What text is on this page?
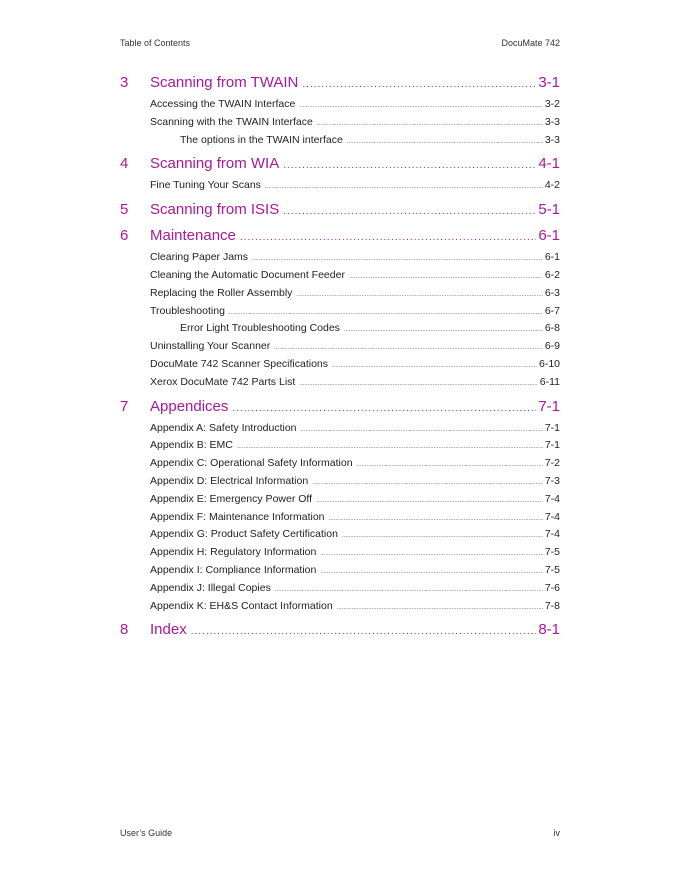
Table of Contents	DocuMate 742
3	Scanning from TWAIN .....	3-1
Accessing the TWAIN Interface .....	3-2
Scanning with the TWAIN Interface .....	3-3
The options in the TWAIN interface .....	3-3
4	Scanning from WIA .....	4-1
Fine Tuning Your Scans .....	4-2
5	Scanning from ISIS .....	5-1
6	Maintenance .....	6-1
Clearing Paper Jams .....	6-1
Cleaning the Automatic Document Feeder .....	6-2
Replacing the Roller Assembly .....	6-3
Troubleshooting .....	6-7
Error Light Troubleshooting Codes .....	6-8
Uninstalling Your Scanner .....	6-9
DocuMate 742 Scanner Specifications .....	6-10
Xerox DocuMate 742 Parts List .....	6-11
7	Appendices .....	7-1
Appendix A: Safety Introduction .....	7-1
Appendix B: EMC .....	7-1
Appendix C: Operational Safety Information .....	7-2
Appendix D: Electrical Information .....	7-3
Appendix E: Emergency Power Off .....	7-4
Appendix F: Maintenance Information .....	7-4
Appendix G: Product Safety Certification .....	7-4
Appendix H: Regulatory Information .....	7-5
Appendix I: Compliance Information .....	7-5
Appendix J: Illegal Copies .....	7-6
Appendix K: EH&S Contact Information .....	7-8
8	Index .....	8-1
User’s Guide	iv
